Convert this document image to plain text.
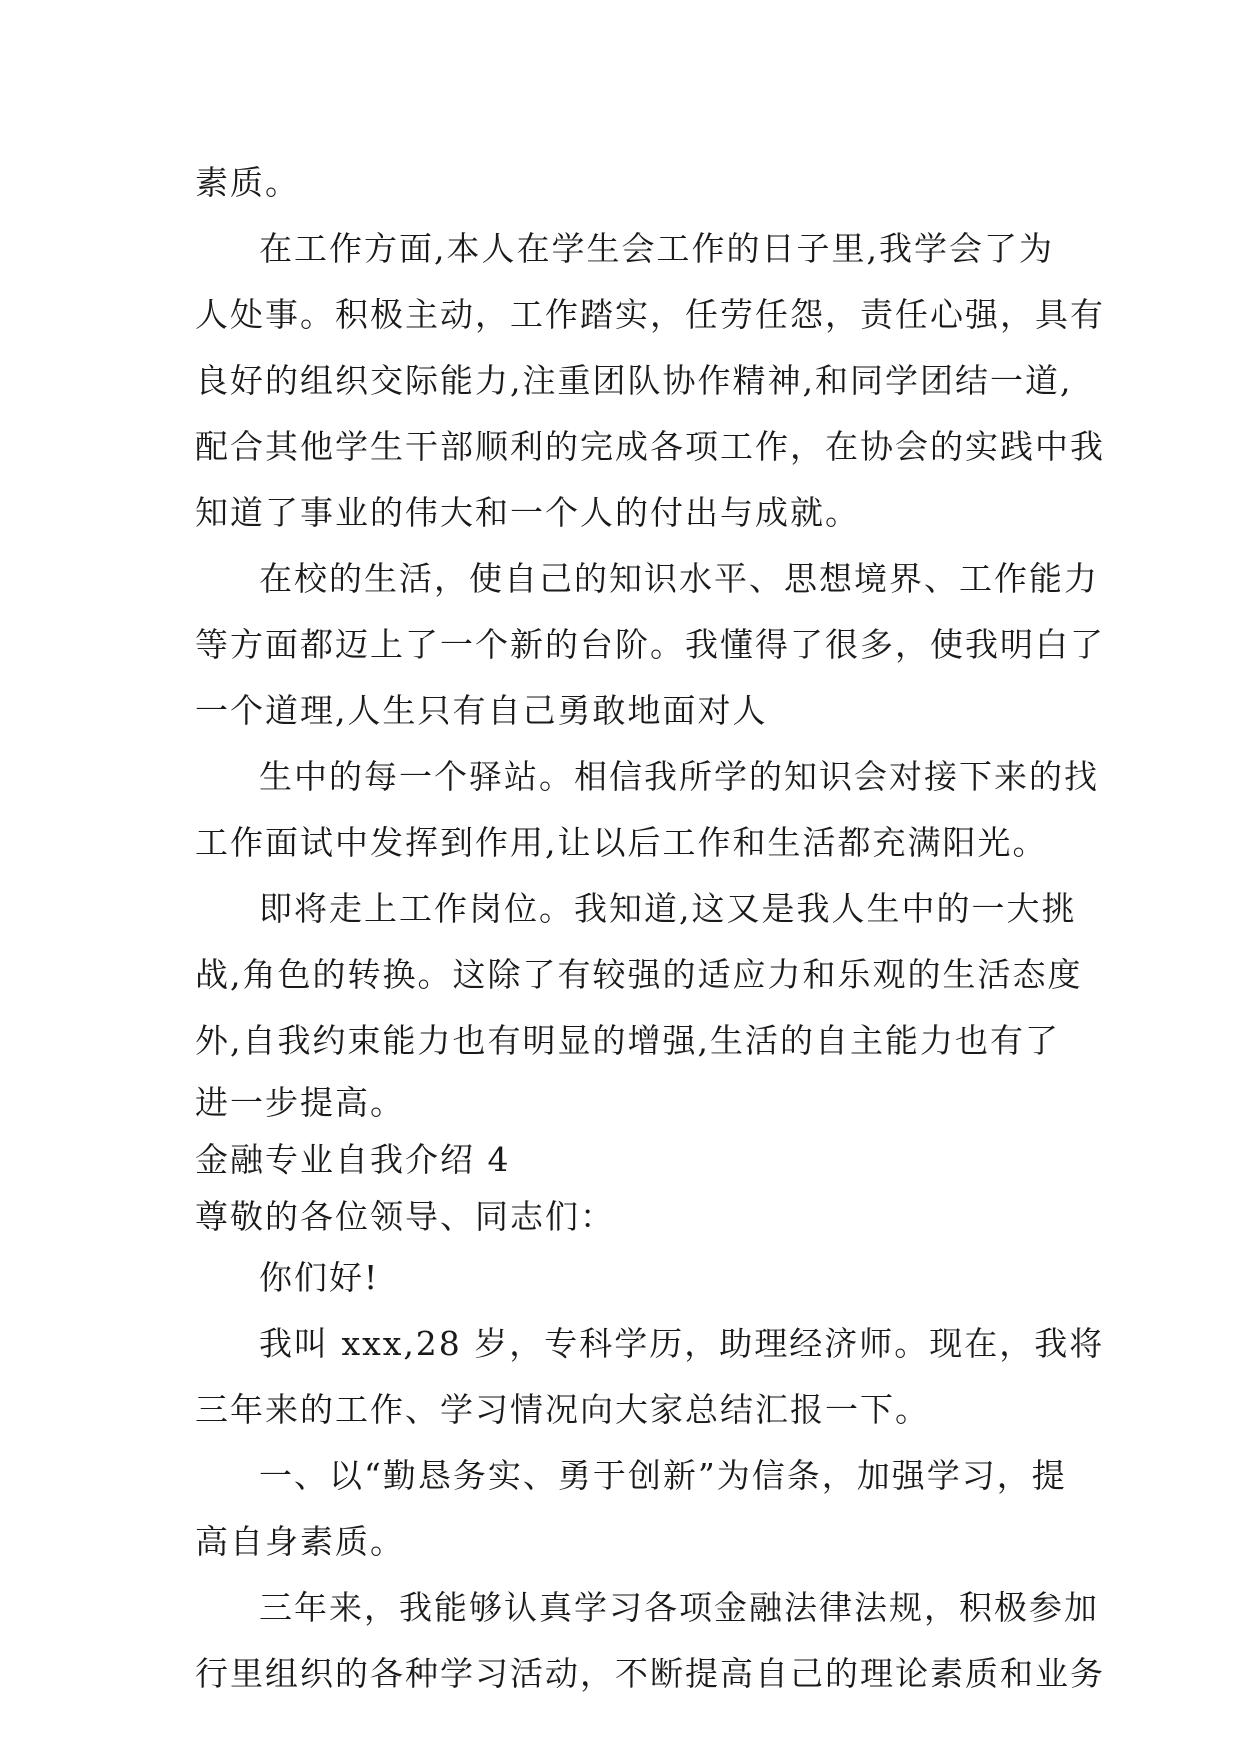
素质。
在工作方面,本人在学生会工作的日子里,我学会了为
人处事。积极主动，工作踏实，任劳任怨，责任心强，具有
良好的组织交际能力,注重团队协作精神,和同学团结一道,
配合其他学生干部顺利的完成各项工作，在协会的实践中我
知道了事业的伟大和一个人的付出与成就。
在校的生活，使自己的知识水平、思想境界、工作能力
等方面都迈上了一个新的台阶。我懂得了很多，使我明白了
一个道理,人生只有自己勇敢地面对人
生中的每一个驿站。相信我所学的知识会对接下来的找
工作面试中发挥到作用,让以后工作和生活都充满阳光。
即将走上工作岗位。我知道,这又是我人生中的一大挑
战,角色的转换。这除了有较强的适应力和乐观的生活态度
外,自我约束能力也有明显的增强,生活的自主能力也有了
进一步提高。
金融专业自我介绍 4
尊敬的各位领导、同志们：
你们好!
我叫 xxx,28 岁，专科学历，助理经济师。现在，我将
三年来的工作、学习情况向大家总结汇报一下。
一、以“勤恳务实、勇于创新”为信条，加强学习，提
高自身素质。
三年来，我能够认真学习各项金融法律法规，积极参加
行里组织的各种学习活动，不断提高自己的理论素质和业务
